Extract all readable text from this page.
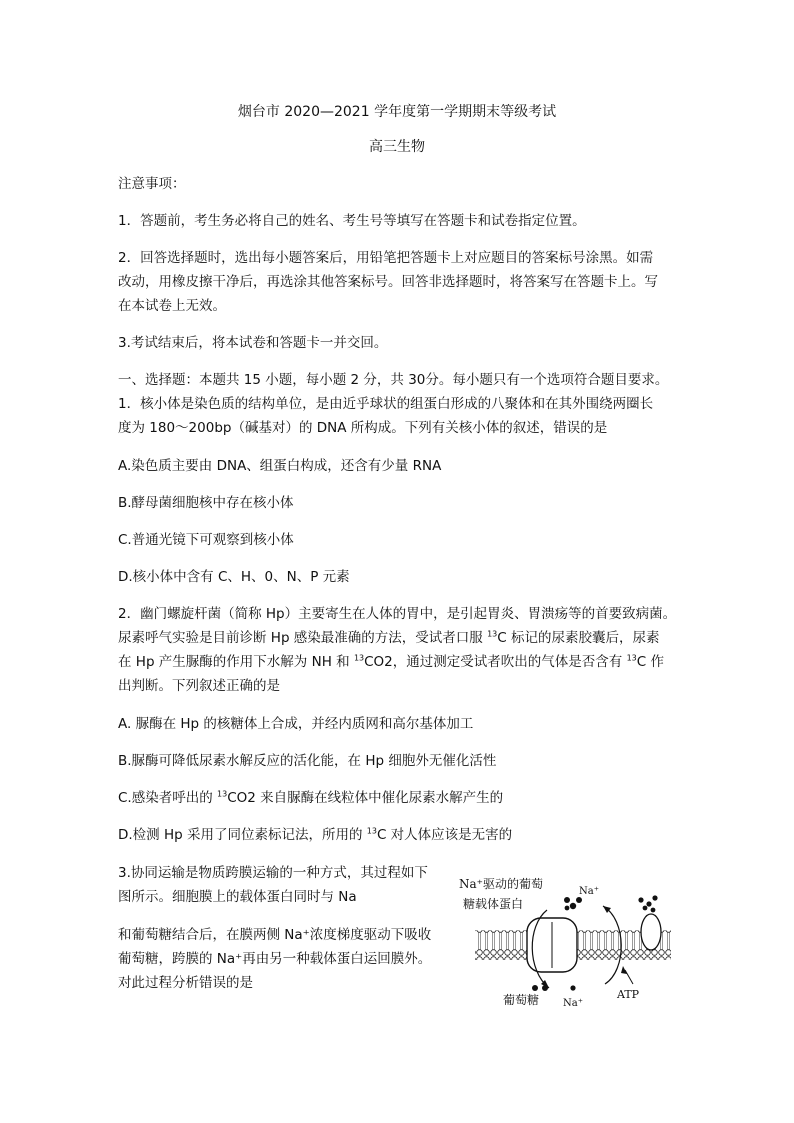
烟台市 2020—2021 学年度第一学期期末等级考试
高三生物
注意事项：
1．答题前，考生务必将自己的姓名、考生号等填写在答题卡和试卷指定位置。
2．回答选择题时，选出每小题答案后，用铅笔把答题卡上对应题目的答案标号涂黑。如需
改动，用橡皮擦干净后，再选涂其他答案标号。回答非选择题时，将答案写在答题卡上。写
在本试卷上无效。
3.考试结束后，将本试卷和答题卡一并交回。
一、选择题：本题共 15 小题，每小题 2 分，共 30分。每小题只有一个选项符合题目要求。
1．核小体是染色质的结构单位，是由近乎球状的组蛋白形成的八聚体和在其外围绕两圈长
度为 180～200bp（碱基对）的 DNA 所构成。下列有关核小体的叙述，错误的是
A.染色质主要由 DNA、组蛋白构成，还含有少量 RNA
B.酵母菌细胞核中存在核小体
C.普通光镜下可观察到核小体
D.核小体中含有 C、H、0、N、P 元素
2．幽门螺旋杆菌（简称 Hp）主要寄生在人体的胃中，是引起胃炎、胃溃疡等的首要致病菌。
尿素呼气实验是目前诊断 Hp 感染最准确的方法，受试者口服 $^{13}$C 标记的尿素胶囊后，尿素
在 Hp 产生脲酶的作用下水解为 NH 和 $^{13}$CO2，通过测定受试者吹出的气体是否含有 $^{13}$C 作
出判断。下列叙述正确的是
A. 脲酶在 Hp 的核糖体上合成，并经内质网和高尔基体加工
B.脲酶可降低尿素水解反应的活化能，在 Hp 细胞外无催化活性
C.感染者呼出的 $^{13}$CO2 来自脲酶在线粒体中催化尿素水解产生的
D.检测 Hp 采用了同位素标记法，所用的 $^{13}$C 对人体应该是无害的
3.协同运输是物质跨膜运输的一种方式，其过程如下
图所示。细胞膜上的载体蛋白同时与 Na
和葡萄糖结合后，在膜两侧 Na⁺浓度梯度驱动下吸收
葡萄糖，跨膜的 Na⁺再由另一种载体蛋白运回膜外。
对此过程分析错误的是
Na⁺驱动的葡萄
糖载体蛋白
Na⁺
葡萄糖 Na⁺
ATP
